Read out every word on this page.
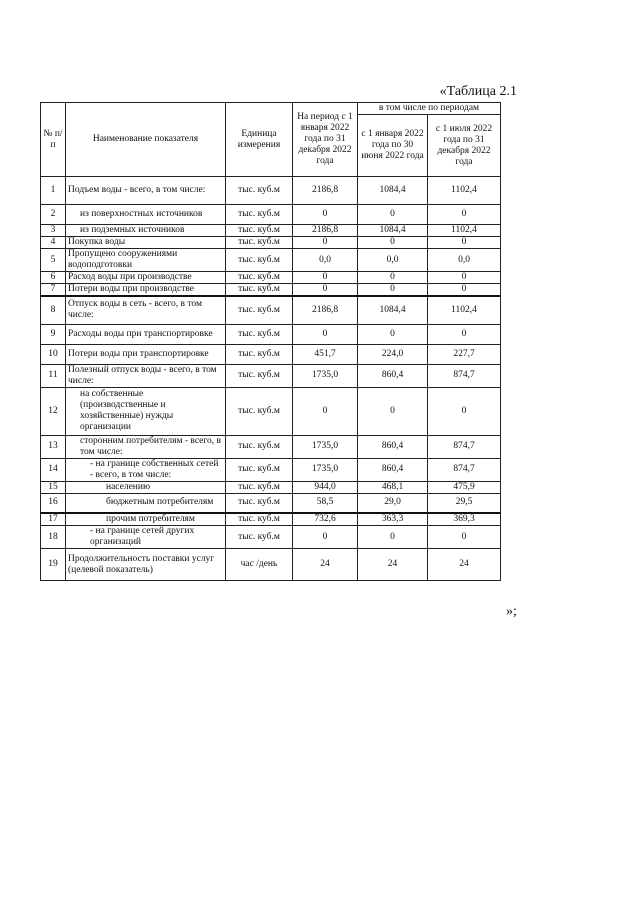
«Таблица 2.1
№ п/п	Наименование показателя	Единица измерения	На период с 1 января 2022 года по 31 декабря 2022 года	в том числе по периодам	
				с 1 января 2022 года по 30 июня 2022 года	с 1 июля 2022 года по 31 декабря 2022 года
1	Подъем воды - всего, в том числе:	тыс. куб.м	2186,8	1084,4	1102,4
2	из поверхностных источников	тыс. куб.м	0	0	0
3	из подземных источников	тыс. куб.м	2186,8	1084,4	1102,4
4	Покупка воды	тыс. куб.м	0	0	0
5	Пропущено сооружениями водоподготовки	тыс. куб.м	0,0	0,0	0,0
6	Расход воды при производстве	тыс. куб.м	0	0	0
7	Потери воды при производстве	тыс. куб.м	0	0	0
8	Отпуск воды в сеть - всего, в том числе:	тыс. куб.м	2186,8	1084,4	1102,4
9	Расходы воды при транспортировке	тыс. куб.м	0	0	0
10	Потери воды при транспортировке	тыс. куб.м	451,7	224,0	227,7
11	Полезный отпуск воды - всего, в том числе:	тыс. куб.м	1735,0	860,4	874,7
12	на собственные (производственные и хозяйственные) нужды организации	тыс. куб.м	0	0	0
13	сторонним потребителям - всего, в том числе:	тыс. куб.м	1735,0	860,4	874,7
14	- на границе собственных сетей - всего, в том числе:	тыс. куб.м	1735,0	860,4	874,7
15	населению	тыс. куб.м	944,0	468,1	475,9
16	бюджетным потребителям	тыс. куб.м	58,5	29,0	29,5
17	прочим потребителям	тыс. куб.м	732,6	363,3	369,3
18	- на границе сетей других организаций	тыс. куб.м	0	0	0
19	Продолжительность поставки услуг (целевой показатель)	час /день	24	24	24
»;
